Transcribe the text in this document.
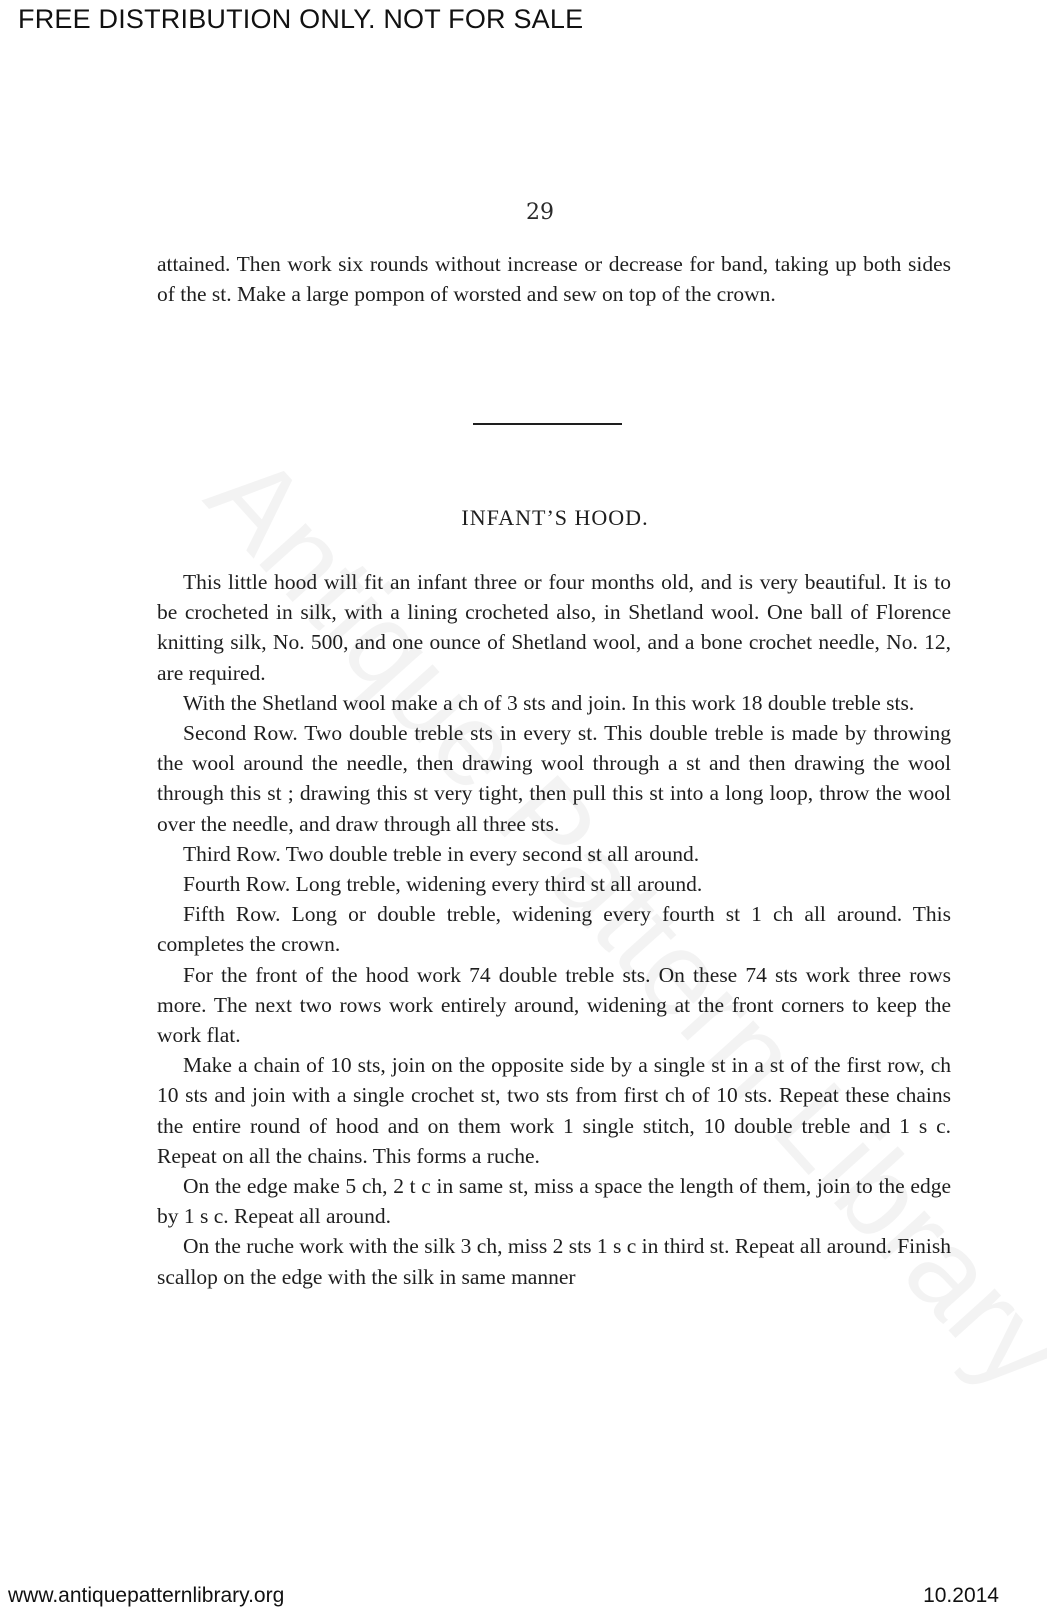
FREE DISTRIBUTION ONLY. NOT FOR SALE
29

attained. Then work six rounds without increase or decrease for band, taking up both sides of the st. Make a large pompon of worsted and sew on top of the crown.

INFANT’S HOOD.

This little hood will fit an infant three or four months old, and is very beautiful. It is to be crocheted in silk, with a lining crocheted also, in Shetland wool. One ball of Florence knitting silk, No. 500, and one ounce of Shetland wool, and a bone crochet needle, No. 12, are required.

With the Shetland wool make a ch of 3 sts and join. In this work 18 double treble sts.

Second Row. Two double treble sts in every st. This double treble is made by throwing the wool around the needle, then drawing wool through a st and then drawing the wool through this st ; drawing this st very tight, then pull this st into a long loop, throw the wool over the needle, and draw through all three sts.

Third Row. Two double treble in every second st all around.

Fourth Row. Long treble, widening every third st all around.

Fifth Row. Long or double treble, widening every fourth st 1 ch all around. This completes the crown.

For the front of the hood work 74 double treble sts. On these 74 sts work three rows more. The next two rows work entirely around, widening at the front corners to keep the work flat.

Make a chain of 10 sts, join on the opposite side by a single st in a st of the first row, ch 10 sts and join with a single crochet st, two sts from first ch of 10 sts. Repeat these chains the entire round of hood and on them work 1 single stitch, 10 double treble and 1 s c. Repeat on all the chains. This forms a ruche.

On the edge make 5 ch, 2 t c in same st, miss a space the length of them, join to the edge by 1 s c. Repeat all around.

On the ruche work with the silk 3 ch, miss 2 sts 1 s c in third st. Repeat all around. Finish scallop on the edge with the silk in same manner

www.antiquepatternlibrary.org	10.2014
